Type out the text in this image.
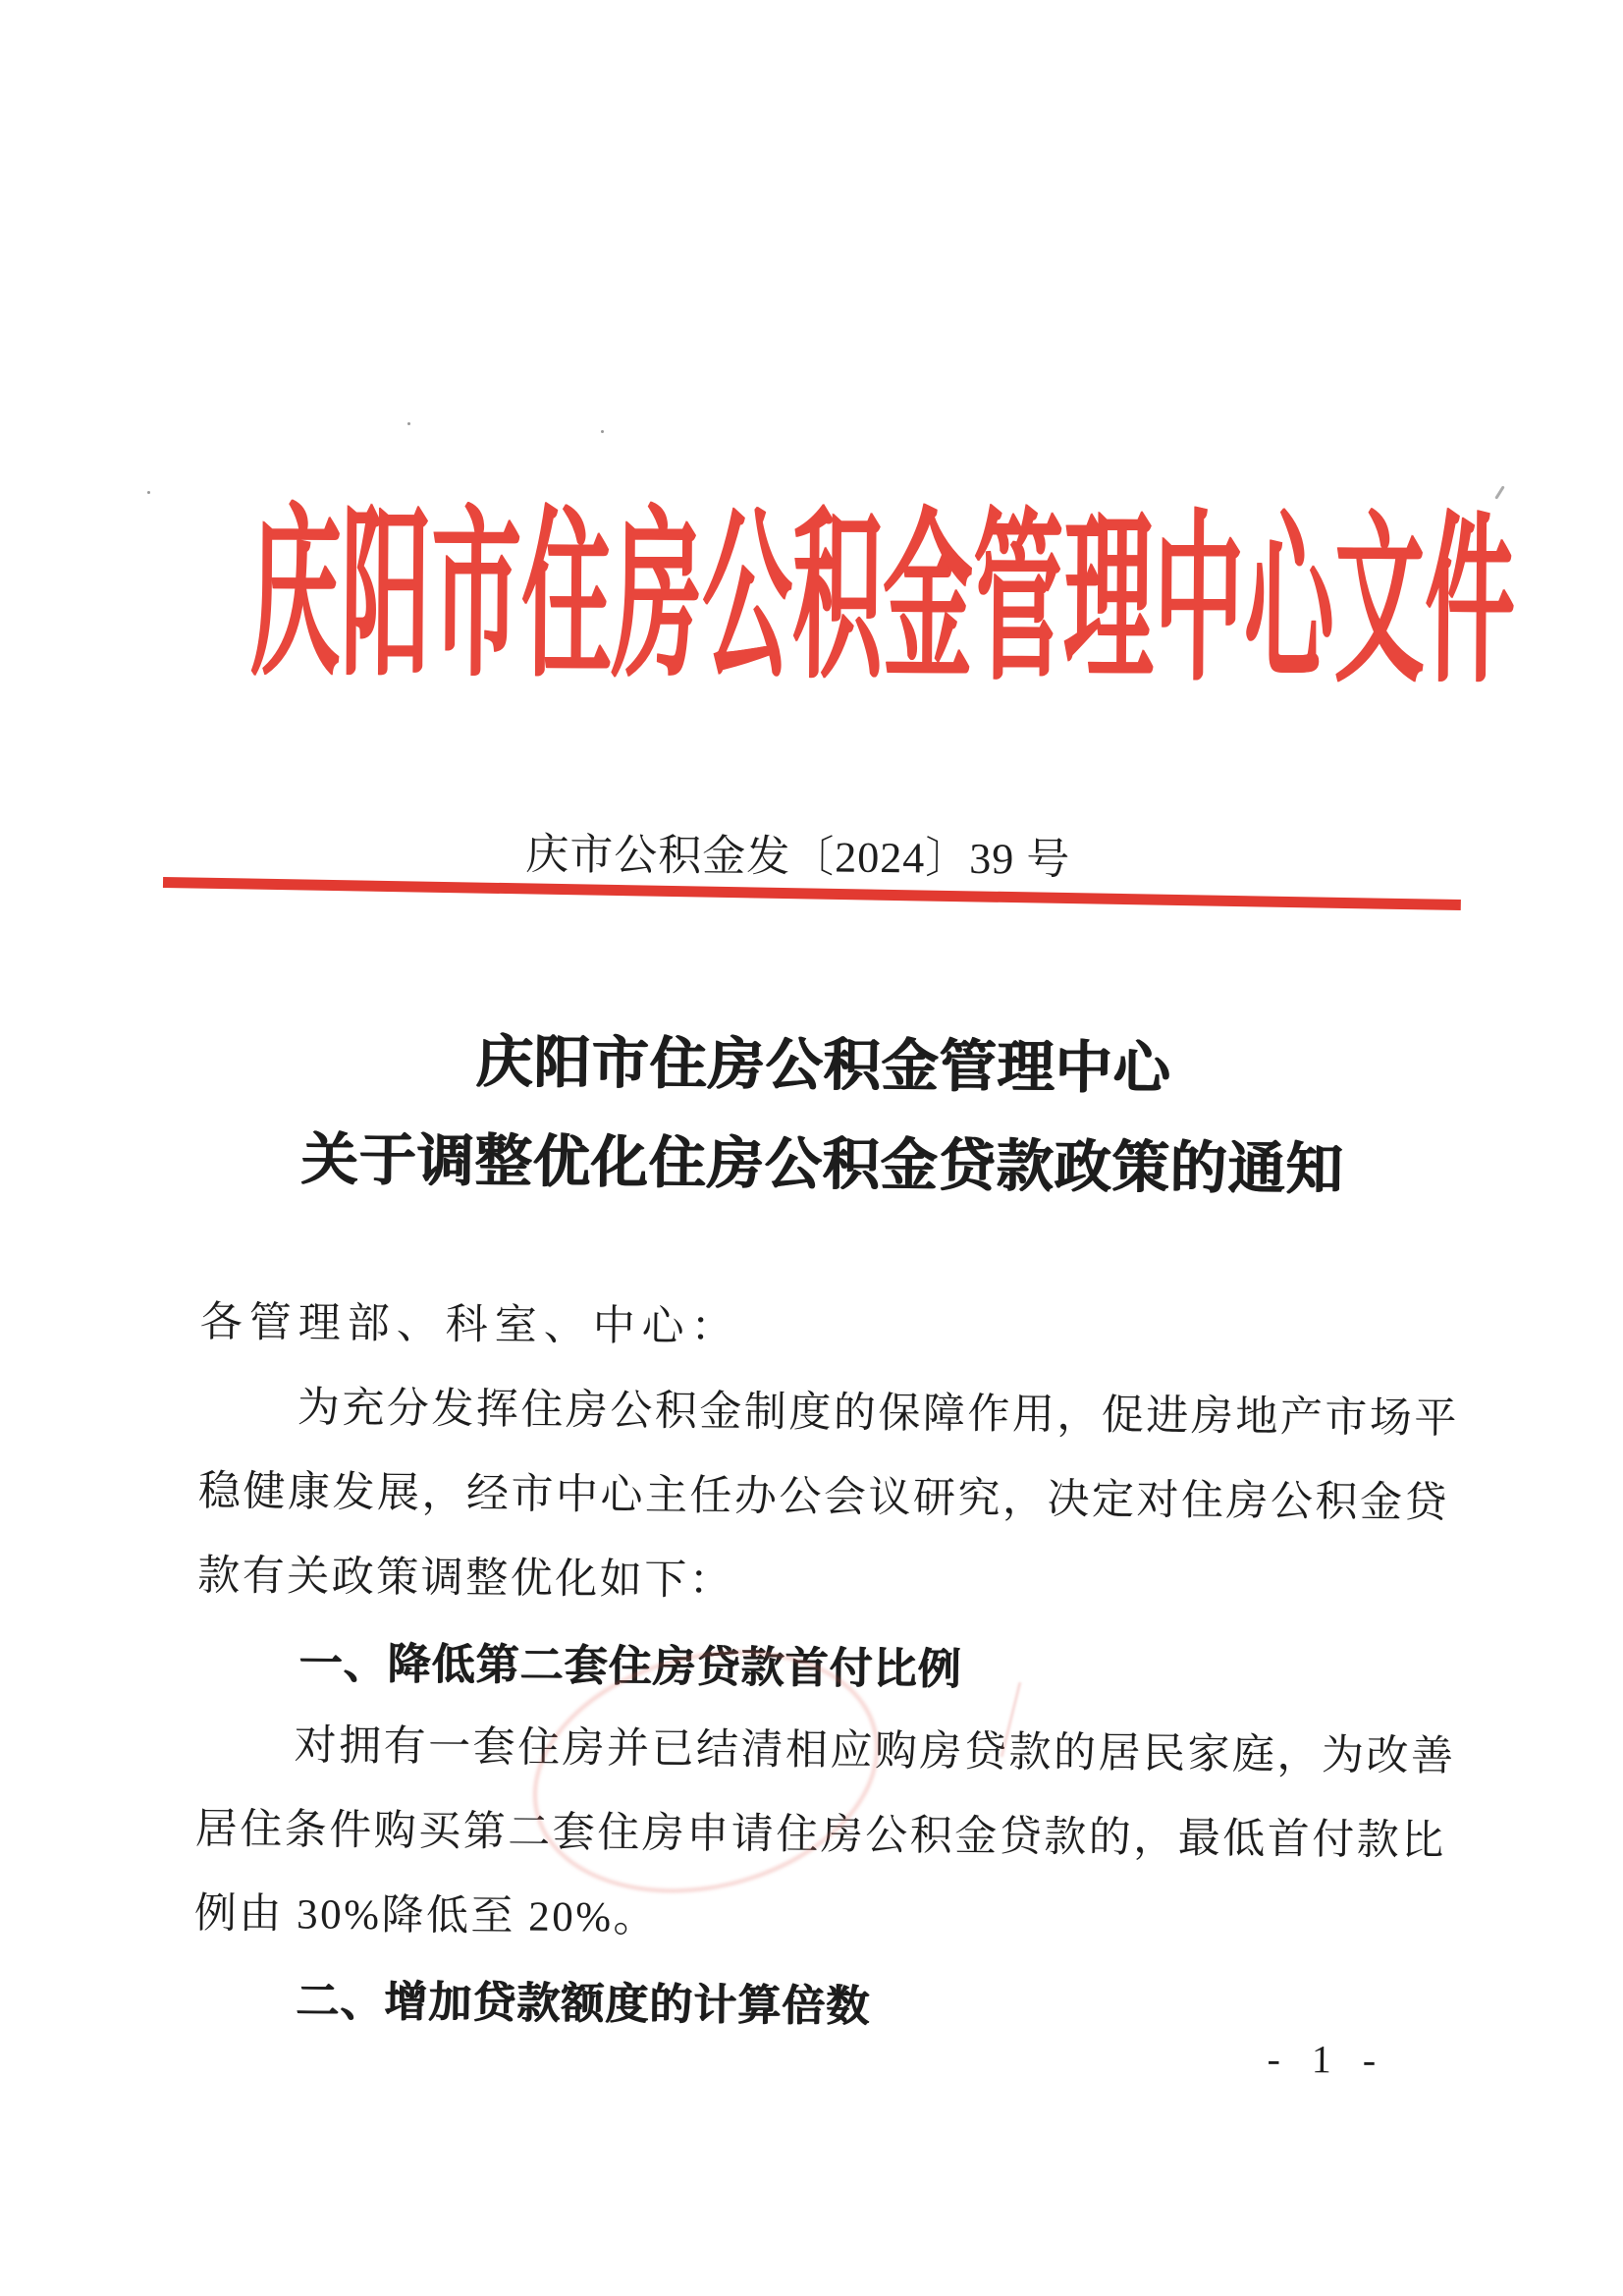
庆阳市住房公积金管理中心文件
庆市公积金发〔2024〕39 号
庆阳市住房公积金管理中心
关于调整优化住房公积金贷款政策的通知
各管理部、科室、中心：
为充分发挥住房公积金制度的保障作用，促进房地产市场平
稳健康发展，经市中心主任办公会议研究，决定对住房公积金贷
款有关政策调整优化如下：
一、降低第二套住房贷款首付比例
对拥有一套住房并已结清相应购房贷款的居民家庭，为改善
居住条件购买第二套住房申请住房公积金贷款的，最低首付款比
例由 30%降低至 20%。
二、增加贷款额度的计算倍数
- 1 -
